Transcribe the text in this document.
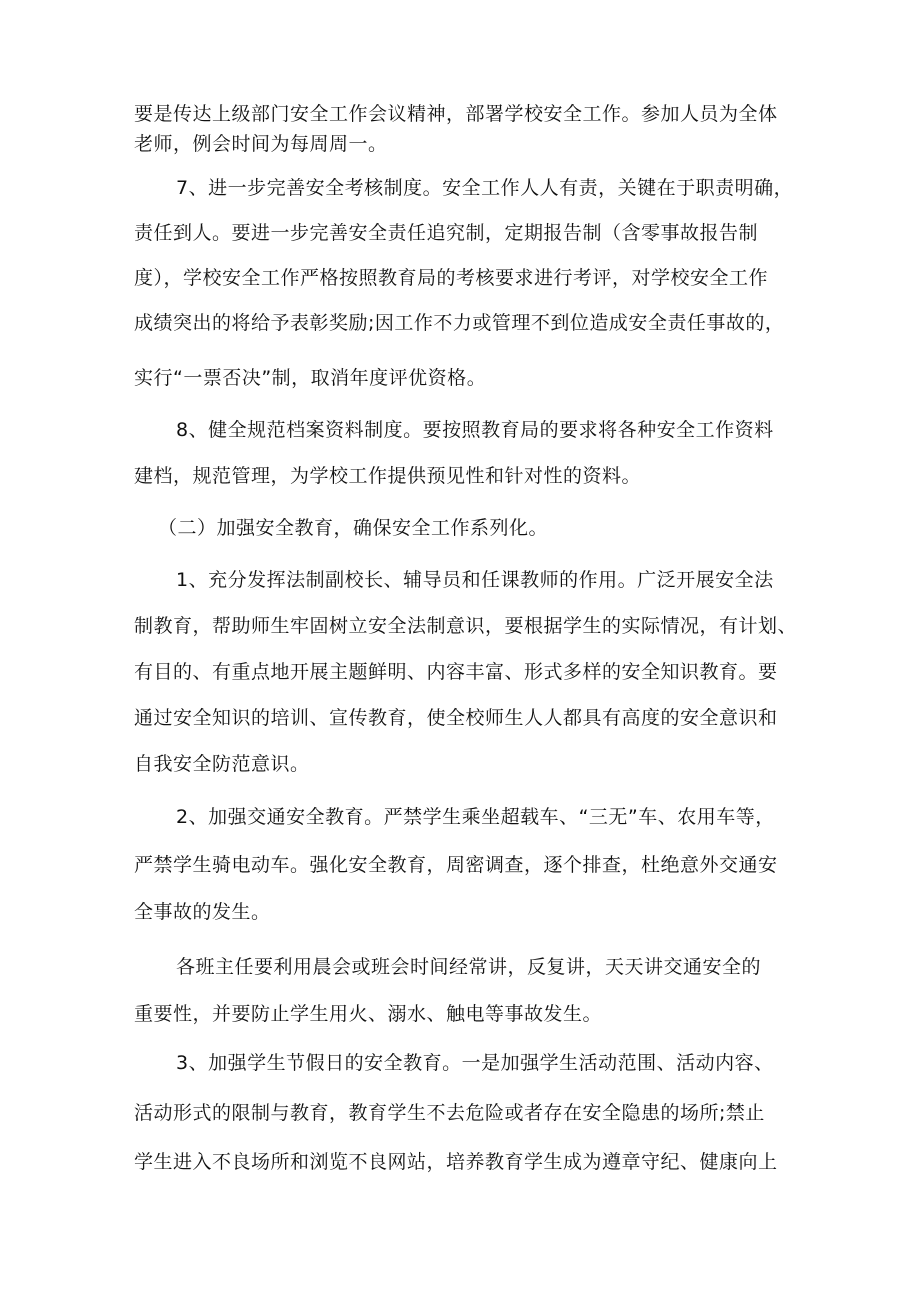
要是传达上级部门安全工作会议精神，部署学校安全工作。参加人员为全体
老师，例会时间为每周周一。
7、进一步完善安全考核制度。安全工作人人有责，关键在于职责明确，
责任到人。要进一步完善安全责任追究制，定期报告制（含零事故报告制
度），学校安全工作严格按照教育局的考核要求进行考评，对学校安全工作
成绩突出的将给予表彰奖励;因工作不力或管理不到位造成安全责任事故的，
实行“一票否决”制，取消年度评优资格。
8、健全规范档案资料制度。要按照教育局的要求将各种安全工作资料
建档，规范管理，为学校工作提供预见性和针对性的资料。
（二）加强安全教育，确保安全工作系列化。
1、充分发挥法制副校长、辅导员和任课教师的作用。广泛开展安全法
制教育，帮助师生牢固树立安全法制意识，要根据学生的实际情况，有计划、
有目的、有重点地开展主题鲜明、内容丰富、形式多样的安全知识教育。要
通过安全知识的培训、宣传教育，使全校师生人人都具有高度的安全意识和
自我安全防范意识。
2、加强交通安全教育。严禁学生乘坐超载车、“三无”车、农用车等，
严禁学生骑电动车。强化安全教育，周密调查，逐个排查，杜绝意外交通安
全事故的发生。
各班主任要利用晨会或班会时间经常讲，反复讲，天天讲交通安全的
重要性，并要防止学生用火、溺水、触电等事故发生。
3、加强学生节假日的安全教育。一是加强学生活动范围、活动内容、
活动形式的限制与教育，教育学生不去危险或者存在安全隐患的场所;禁止
学生进入不良场所和浏览不良网站，培养教育学生成为遵章守纪、健康向上
